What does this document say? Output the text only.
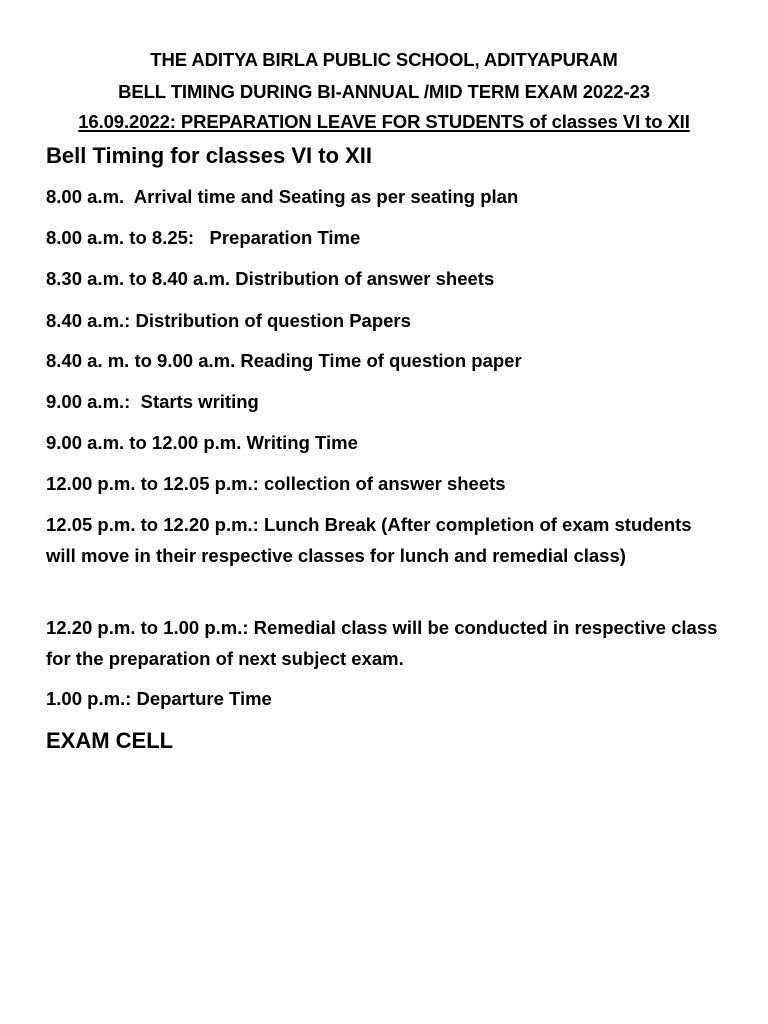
THE ADITYA BIRLA PUBLIC SCHOOL, ADITYAPURAM
BELL TIMING DURING BI-ANNUAL /MID TERM EXAM 2022-23
16.09.2022: PREPARATION LEAVE FOR STUDENTS of classes VI to XII
Bell Timing for classes VI to XII
8.00 a.m.  Arrival time and Seating as per seating plan
8.00 a.m. to 8.25:   Preparation Time
8.30 a.m. to 8.40 a.m. Distribution of answer sheets
8.40 a.m.: Distribution of question Papers
8.40 a. m. to 9.00 a.m. Reading Time of question paper
9.00 a.m.:  Starts writing
9.00 a.m. to 12.00 p.m. Writing Time
12.00 p.m. to 12.05 p.m.: collection of answer sheets
12.05 p.m. to 12.20 p.m.: Lunch Break (After completion of exam students will move in their respective classes for lunch and remedial class)
12.20 p.m. to 1.00 p.m.: Remedial class will be conducted in respective class for the preparation of next subject exam.
1.00 p.m.: Departure Time
EXAM CELL
